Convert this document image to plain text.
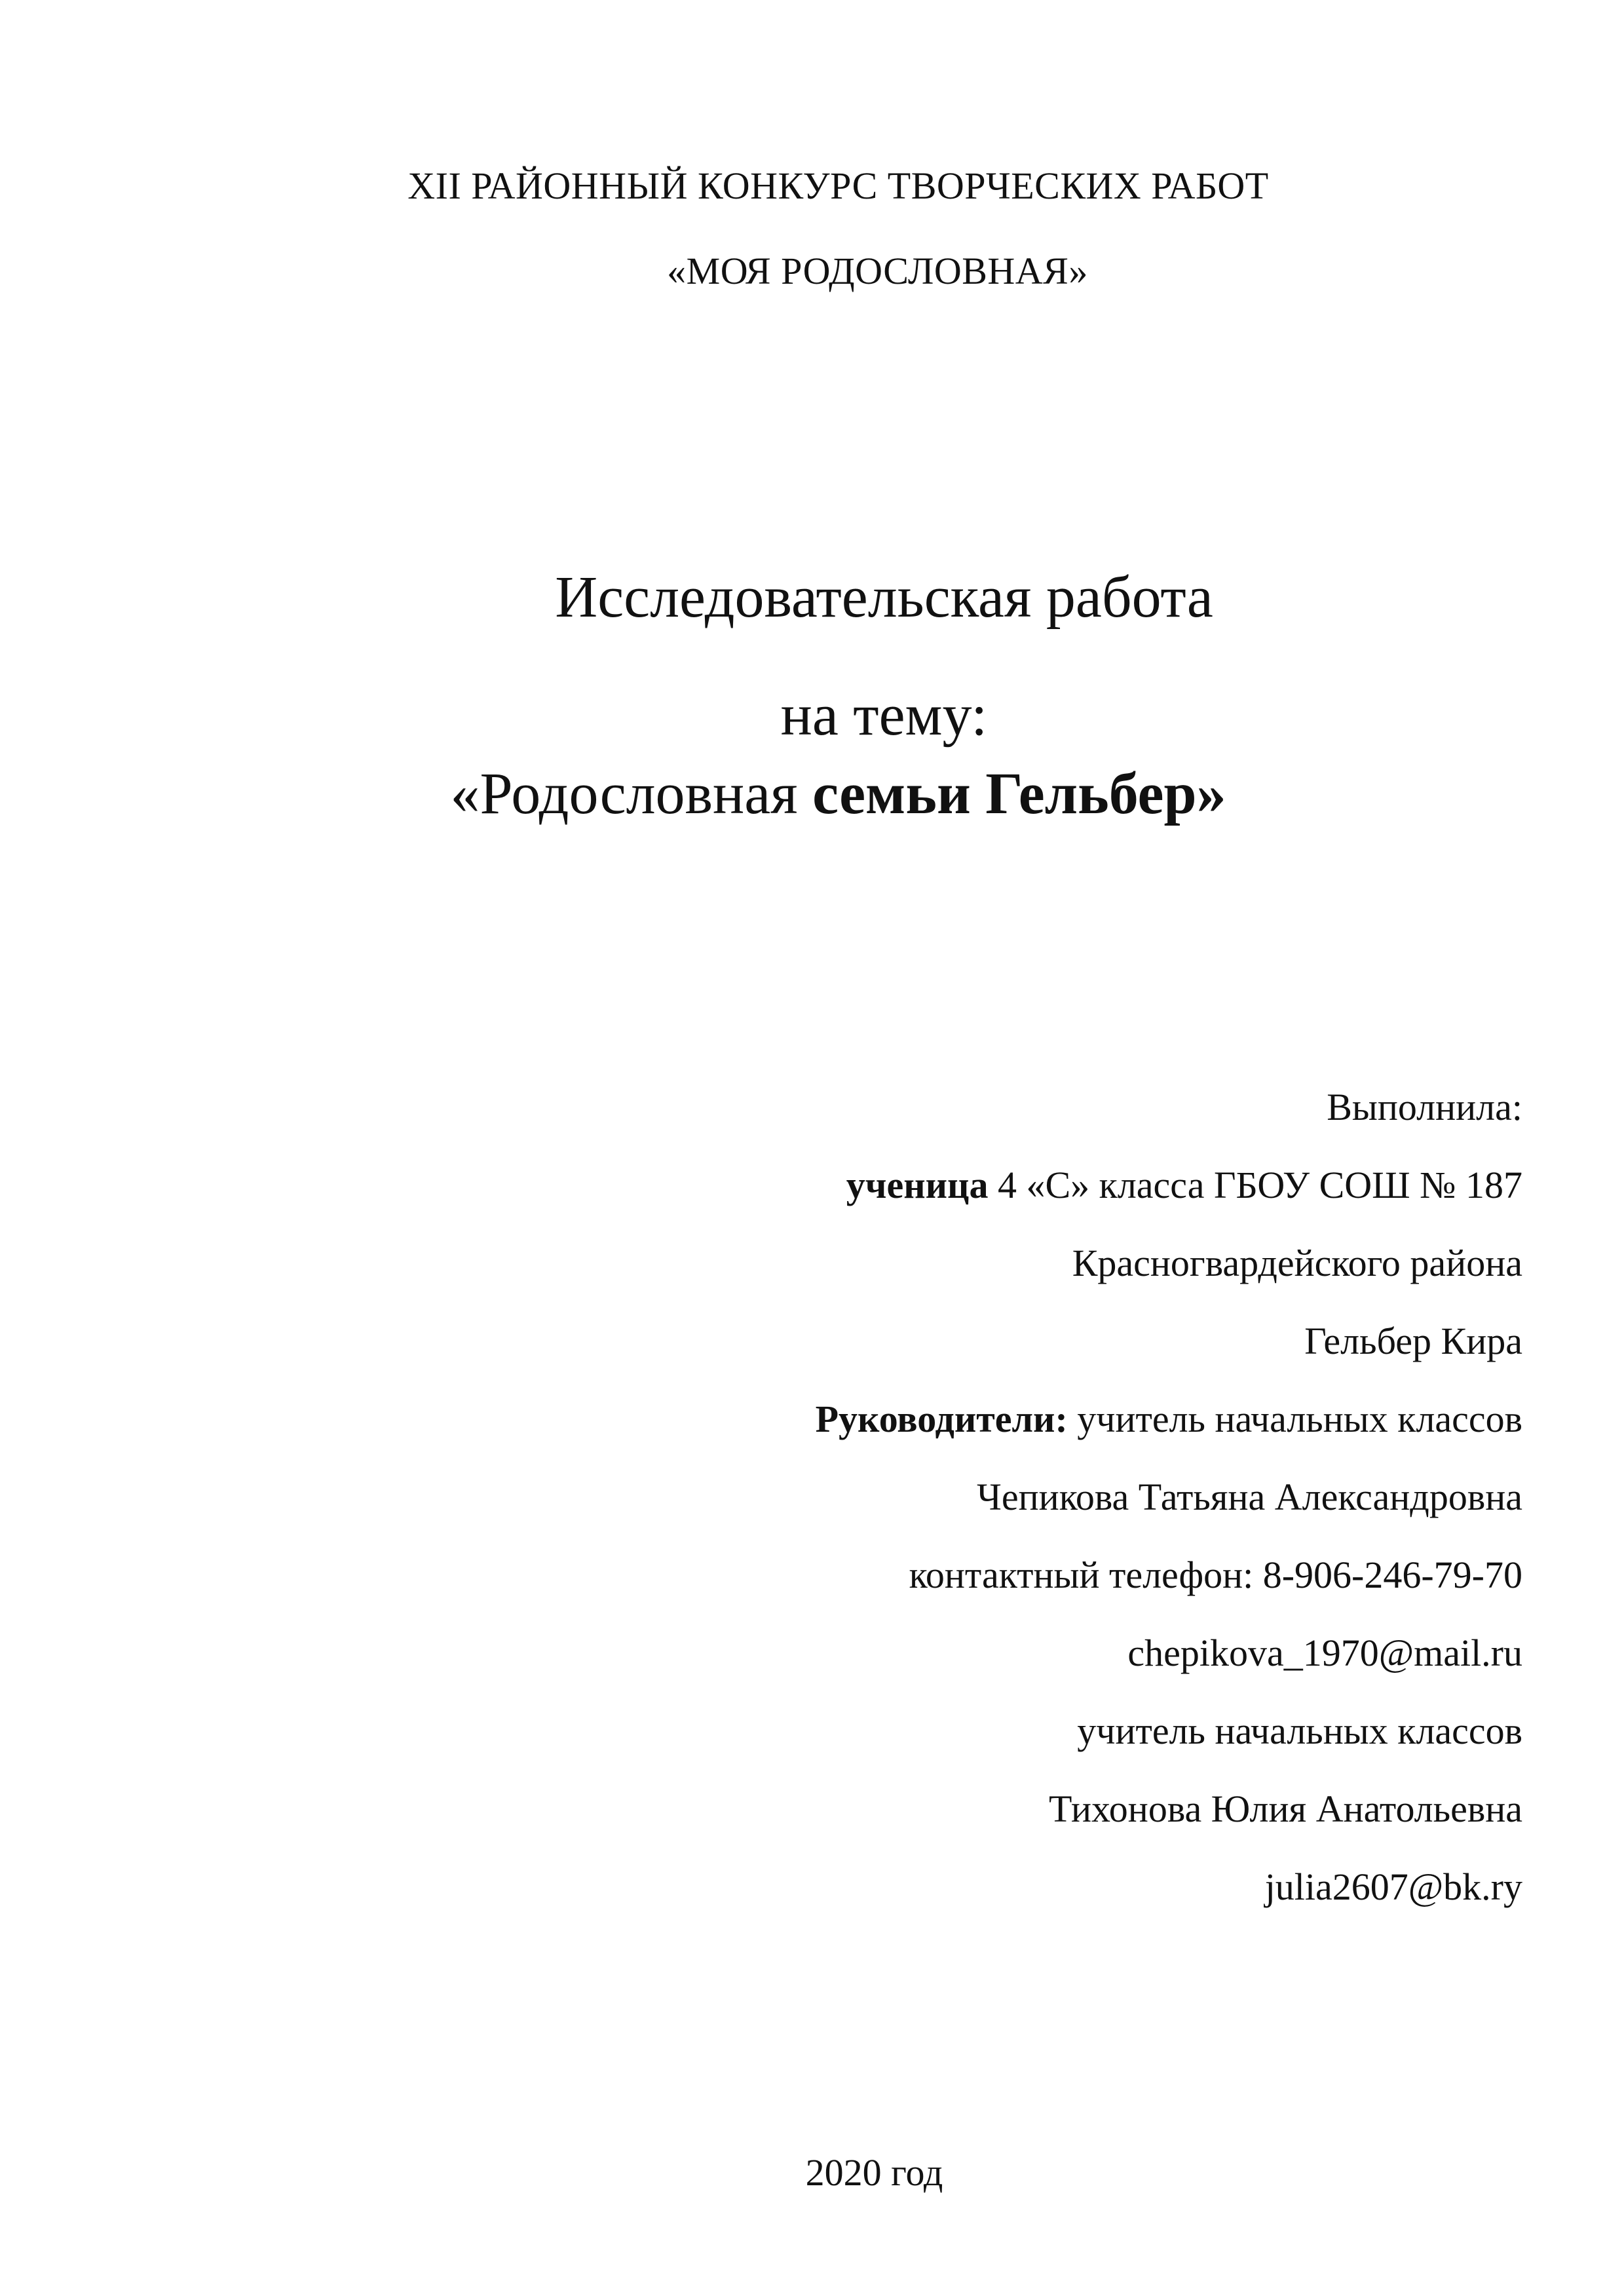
XII РАЙОННЫЙ КОНКУРС ТВОРЧЕСКИХ РАБОТ
«МОЯ РОДОСЛОВНАЯ»
Исследовательская работа
на тему:
«Родословная семьи Гельбер»
Выполнила:
ученица 4 «С» класса ГБОУ СОШ № 187
Красногвардейского района
Гельбер Кира
Руководители: учитель начальных классов
Чепикова Татьяна Александровна
контактный телефон: 8-906-246-79-70
chepikova_1970@mail.ru
учитель начальных классов
Тихонова Юлия Анатольевна
julia2607@bk.ry
2020 год
